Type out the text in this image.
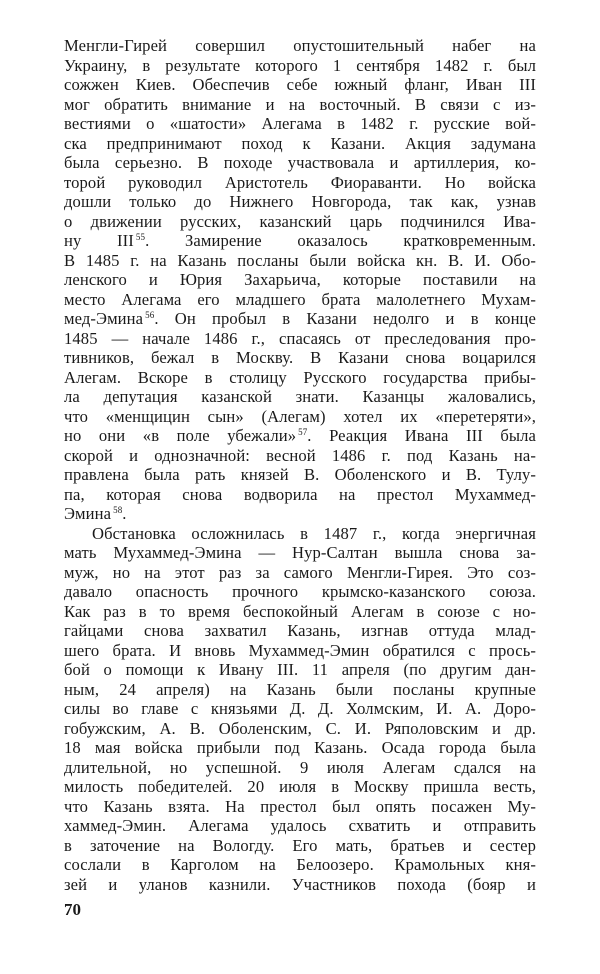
Менгли-Гирей совершил опустошительный набег на
Украину, в результате которого 1 сентября 1482 г. был
сожжен Киев. Обеспечив себе южный фланг, Иван III
мог обратить внимание и на восточный. В связи с из-
вестиями о «шатости» Алегама в 1482 г. русские вой-
ска предпринимают поход к Казани. Акция задумана
была серьезно. В походе участвовала и артиллерия, ко-
торой руководил Аристотель Фиораванти. Но войска
дошли только до Нижнего Новгорода, так как, узнав
о движении русских, казанский царь подчинился Ива-
ну III $^{55}$. Замирение оказалось кратковременным.
В 1485 г. на Казань посланы были войска кн. В. И. Обо-
ленского и Юрия Захарьича, которые поставили на
место Алегама его младшего брата малолетнего Мухам-
мед-Эмина $^{56}$. Он пробыл в Казани недолго и в конце
1485 — начале 1486 г., спасаясь от преследования про-
тивников, бежал в Москву. В Казани снова воцарился
Алегам. Вскоре в столицу Русского государства прибы-
ла депутация казанской знати. Казанцы жаловались,
что «менщицин сын» (Алегам) хотел их «перетеряти»,
но они «в поле убежали» $^{57}$. Реакция Ивана III была
скорой и однозначной: весной 1486 г. под Казань на-
правлена была рать князей В. Оболенского и В. Тулу-
па, которая снова водворила на престол Мухаммед-
Эмина $^{58}$.
Обстановка осложнилась в 1487 г., когда энергичная
мать Мухаммед-Эмина — Нур-Салтан вышла снова за-
муж, но на этот раз за самого Менгли-Гирея. Это соз-
давало опасность прочного крымско-казанского союза.
Как раз в то время беспокойный Алегам в союзе с но-
гайцами снова захватил Казань, изгнав оттуда млад-
шего брата. И вновь Мухаммед-Эмин обратился с прось-
бой о помощи к Ивану III. 11 апреля (по другим дан-
ным, 24 апреля) на Казань были посланы крупные
силы во главе с князьями Д. Д. Холмским, И. А. Доро-
гобужским, А. В. Оболенским, С. И. Ряполовским и др.
18 мая войска прибыли под Казань. Осада города была
длительной, но успешной. 9 июля Алегам сдался на
милость победителей. 20 июля в Москву пришла весть,
что Казань взята. На престол был опять посажен Му-
хаммед-Эмин. Алегама удалось схватить и отправить
в заточение на Вологду. Его мать, братьев и сестер
сослали в Карголом на Белоозеро. Крамольных кня-
зей и уланов казнили. Участников похода (бояр и
70
